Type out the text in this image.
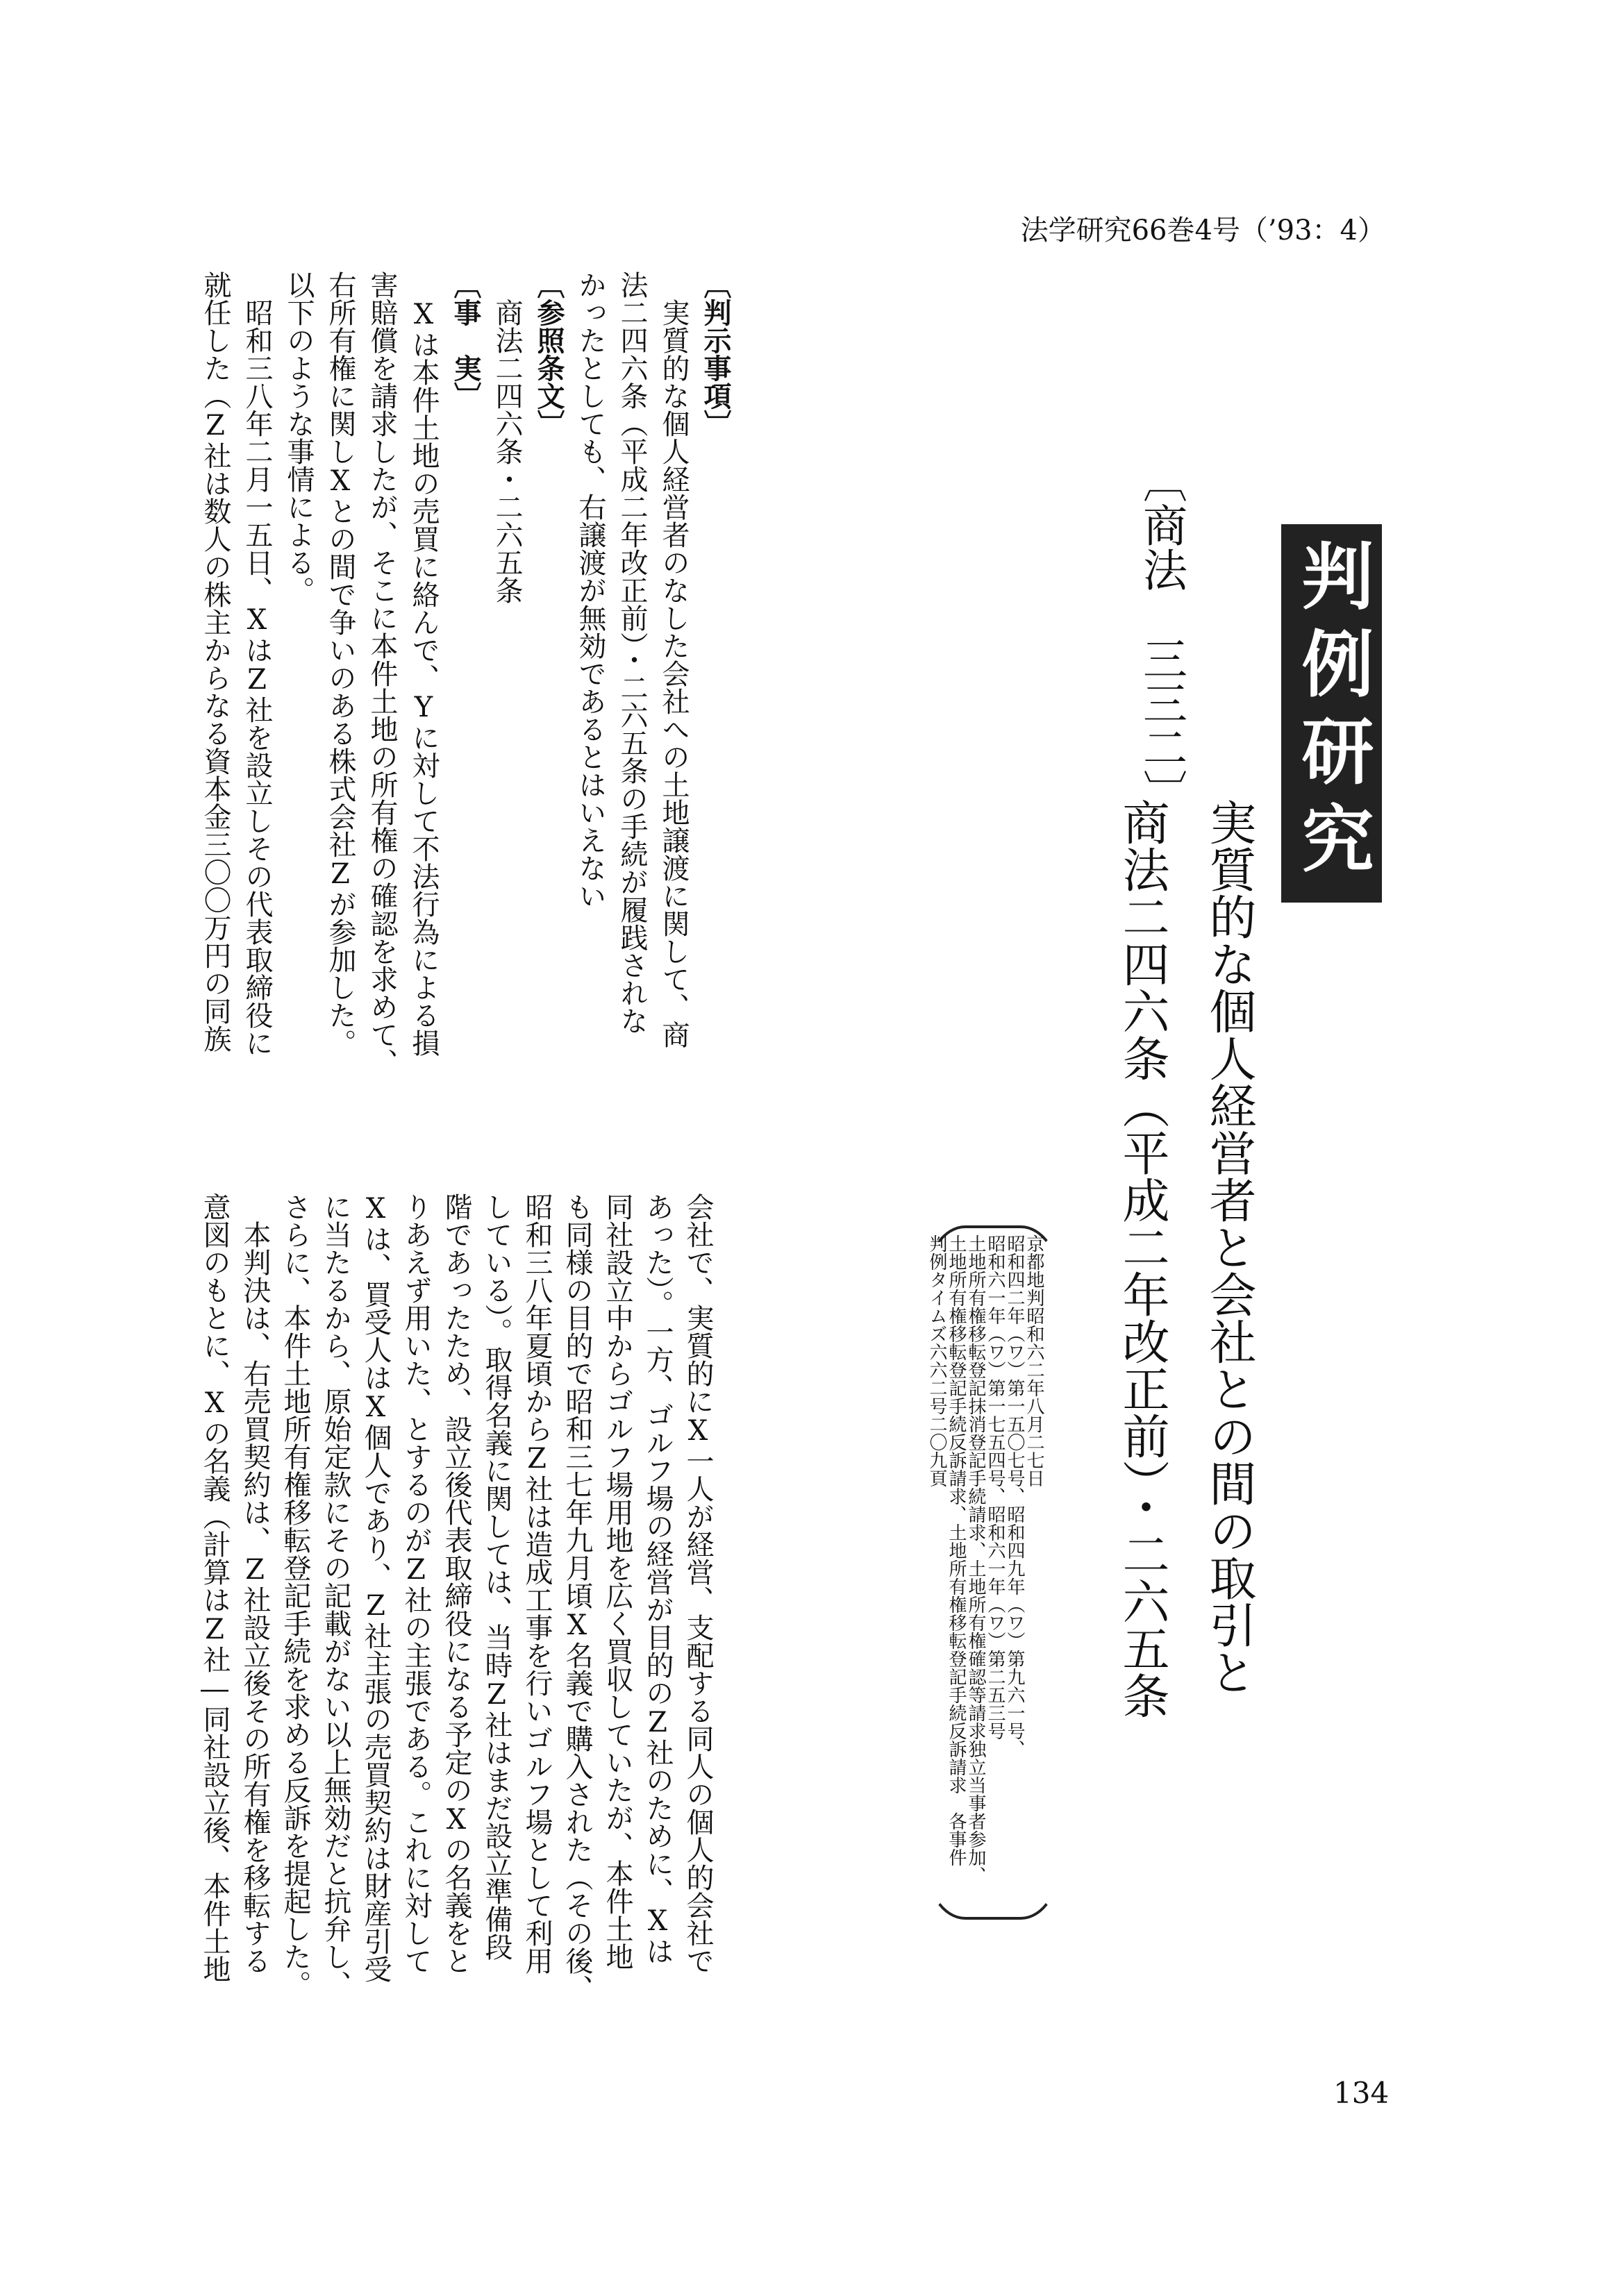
法学研究66巻4号（’93：4）
判例研究
〔商法　三三二〕
実質的な個人経営者と会社との間の取引と
商法二四六条（平成二年改正前）・二六五条
京都地判昭和六二年八月二七日
昭和四二年（ワ）第一五〇七号、昭和四九年（ワ）第九六一号、
昭和六一年（ワ）第一七五四号、昭和六一年（ワ）第二五三号
土地所有権移転登記抹消登記手続請求、土地所有権確認等請求独立当事者参加、
土地所有権移転登記手続反訴請求、土地所有権移転登記手続反訴請求　各事件
判例タイムズ六六二号二〇九頁
〔判示事項〕
　実質的な個人経営者のなした会社への土地譲渡に関して、商
法二四六条（平成二年改正前）・二六五条の手続が履践されな
かったとしても、右譲渡が無効であるとはいえない
〔参照条文〕
　商法二四六条・二六五条
〔事　実〕
　Xは本件土地の売買に絡んで、Yに対して不法行為による損
害賠償を請求したが、そこに本件土地の所有権の確認を求めて、
右所有権に関しXとの間で争いのある株式会社Zが参加した。
以下のような事情による。
　昭和三八年二月一五日、XはZ社を設立しその代表取締役に
就任した（Z社は数人の株主からなる資本金三〇〇万円の同族
会社で、実質的にX一人が経営、支配する同人の個人的会社で
あった）。一方、ゴルフ場の経営が目的のZ社のために、Xは
同社設立中からゴルフ場用地を広く買収していたが、本件土地
も同様の目的で昭和三七年九月頃X名義で購入された（その後、
昭和三八年夏頃からZ社は造成工事を行いゴルフ場として利用
している）。取得名義に関しては、当時Z社はまだ設立準備段
階であったため、設立後代表取締役になる予定のXの名義をと
りあえず用いた、とするのがZ社の主張である。これに対して
Xは、買受人はX個人であり、Z社主張の売買契約は財産引受
に当たるから、原始定款にその記載がない以上無効だと抗弁し、
さらに、本件土地所有権移転登記手続を求める反訴を提起した。
　本判決は、右売買契約は、Z社設立後その所有権を移転する
意図のもとに、Xの名義（計算はZ社―同社設立後、本件土地
134
